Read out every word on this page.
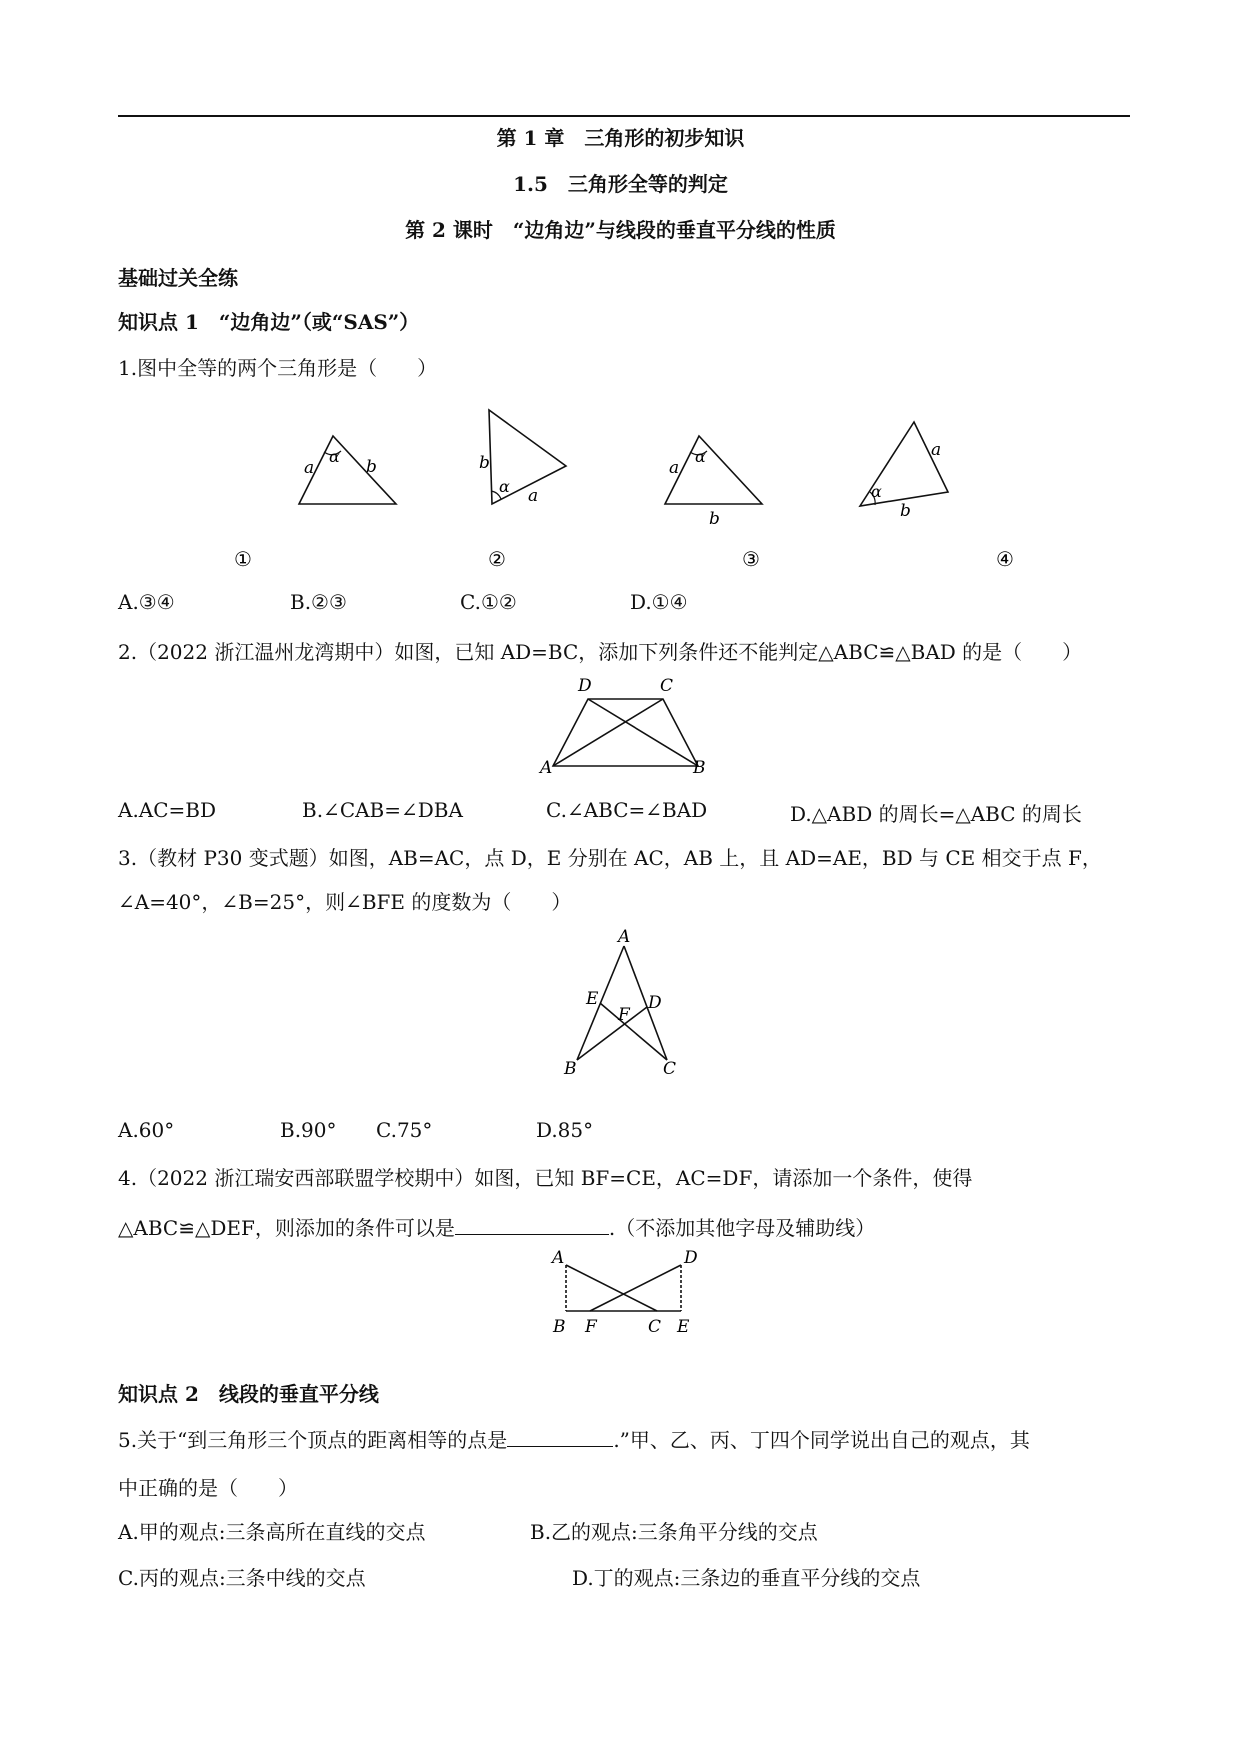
第 1 章　三角形的初步知识
1.5　三角形全等的判定
第 2 课时　“边角边”与线段的垂直平分线的性质
基础过关全练
知识点 1　“边角边”（或“SAS”）
1.图中全等的两个三角形是（　　）
a	b
α	b
a
α
a
b
α	a
b
α
①	②	③	④
A.③④	B.②③	C.①②	D.①④
2.（2022 浙江温州龙湾期中）如图，已知 AD=BC，添加下列条件还不能判定△ABC≌△BAD 的是（　　）
D	C
A	B
A.AC=BD	B.∠CAB=∠DBA	C.∠ABC=∠BAD	D.△ABD 的周长=△ABC 的周长
3.（教材 P30 变式题）如图，AB=AC，点 D，E 分别在 AC，AB 上，且 AD=AE，BD 与 CE 相交于点 F，
∠A=40°，∠B=25°，则∠BFE 的度数为（　　）
A
E
F
D
B	C
A.60°	B.90° C.75°	D.85°
4.（2022 浙江瑞安西部联盟学校期中）如图，已知 BF=CE，AC=DF，请添加一个条件，使得
△ABC≌△DEF，则添加的条件可以是	.（不添加其他字母及辅助线）
A	D
B F	C E
知识点 2　线段的垂直平分线
5.关于“到三角形三个顶点的距离相等的点是	.”甲、乙、丙、丁四个同学说出自己的观点，其
中正确的是（　　）
A.甲的观点:三条高所在直线的交点	B.乙的观点:三条角平分线的交点
C.丙的观点:三条中线的交点	D.丁的观点:三条边的垂直平分线的交点
